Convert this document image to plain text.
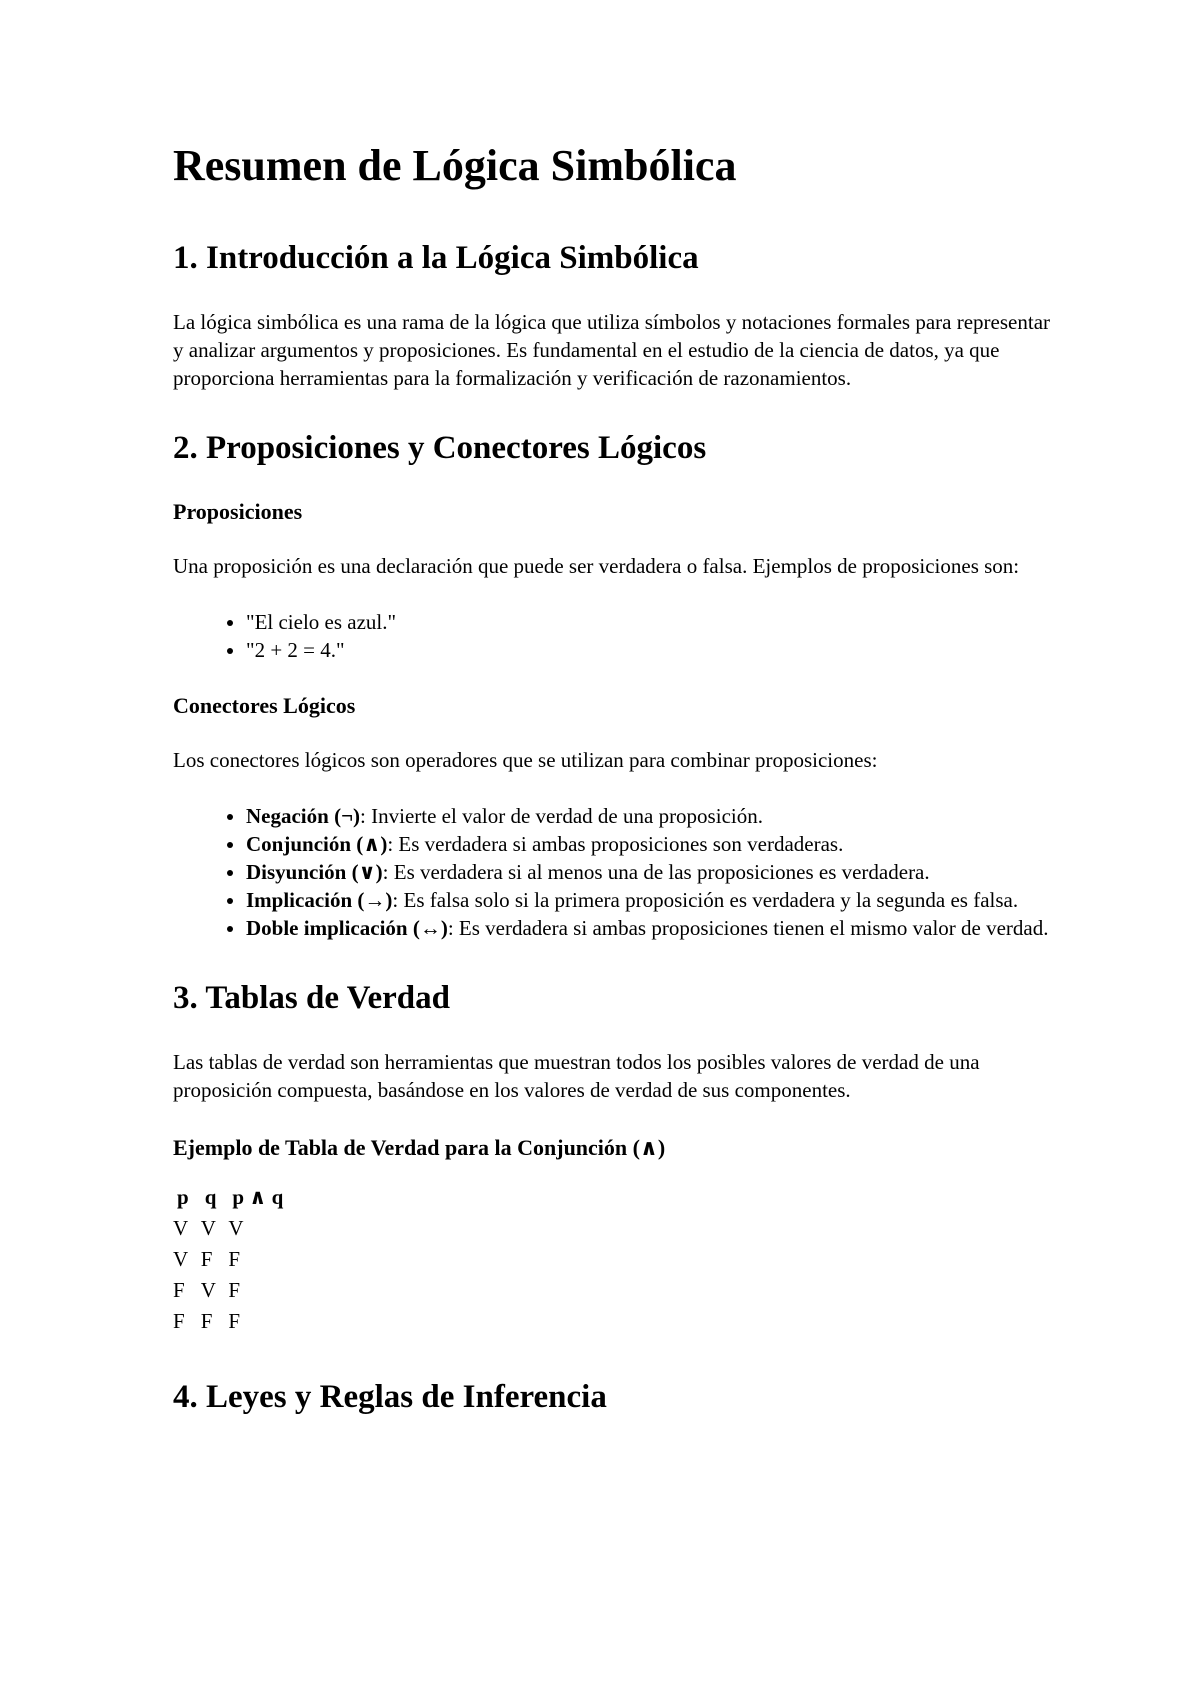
Resumen de Lógica Simbólica
1. Introducción a la Lógica Simbólica

La lógica simbólica es una rama de la lógica que utiliza símbolos y notaciones formales para representar y analizar argumentos y proposiciones. Es fundamental en el estudio de la ciencia de datos, ya que proporciona herramientas para la formalización y verificación de razonamientos.

2. Proposiciones y Conectores Lógicos
Proposiciones

Una proposición es una declaración que puede ser verdadera o falsa. Ejemplos de proposiciones son:

• "El cielo es azul."
• "2 + 2 = 4."
Conectores Lógicos

Los conectores lógicos son operadores que se utilizan para combinar proposiciones:

• Negación (¬): Invierte el valor de verdad de una proposición.
• Conjunción (∧): Es verdadera si ambas proposiciones son verdaderas.
• Disyunción (∨): Es verdadera si al menos una de las proposiciones es verdadera.
• Implicación (→): Es falsa solo si la primera proposición es verdadera y la segunda es falsa.
• Doble implicación (↔): Es verdadera si ambas proposiciones tienen el mismo valor de verdad.
3. Tablas de Verdad

Las tablas de verdad son herramientas que muestran todos los posibles valores de verdad de una proposición compuesta, basándose en los valores de verdad de sus componentes.

Ejemplo de Tabla de Verdad para la Conjunción (∧)
p	q	p ∧ q
V	V	V
V	F	F
F	V	F
F	F	F
4. Leyes y Reglas de Inferencia
